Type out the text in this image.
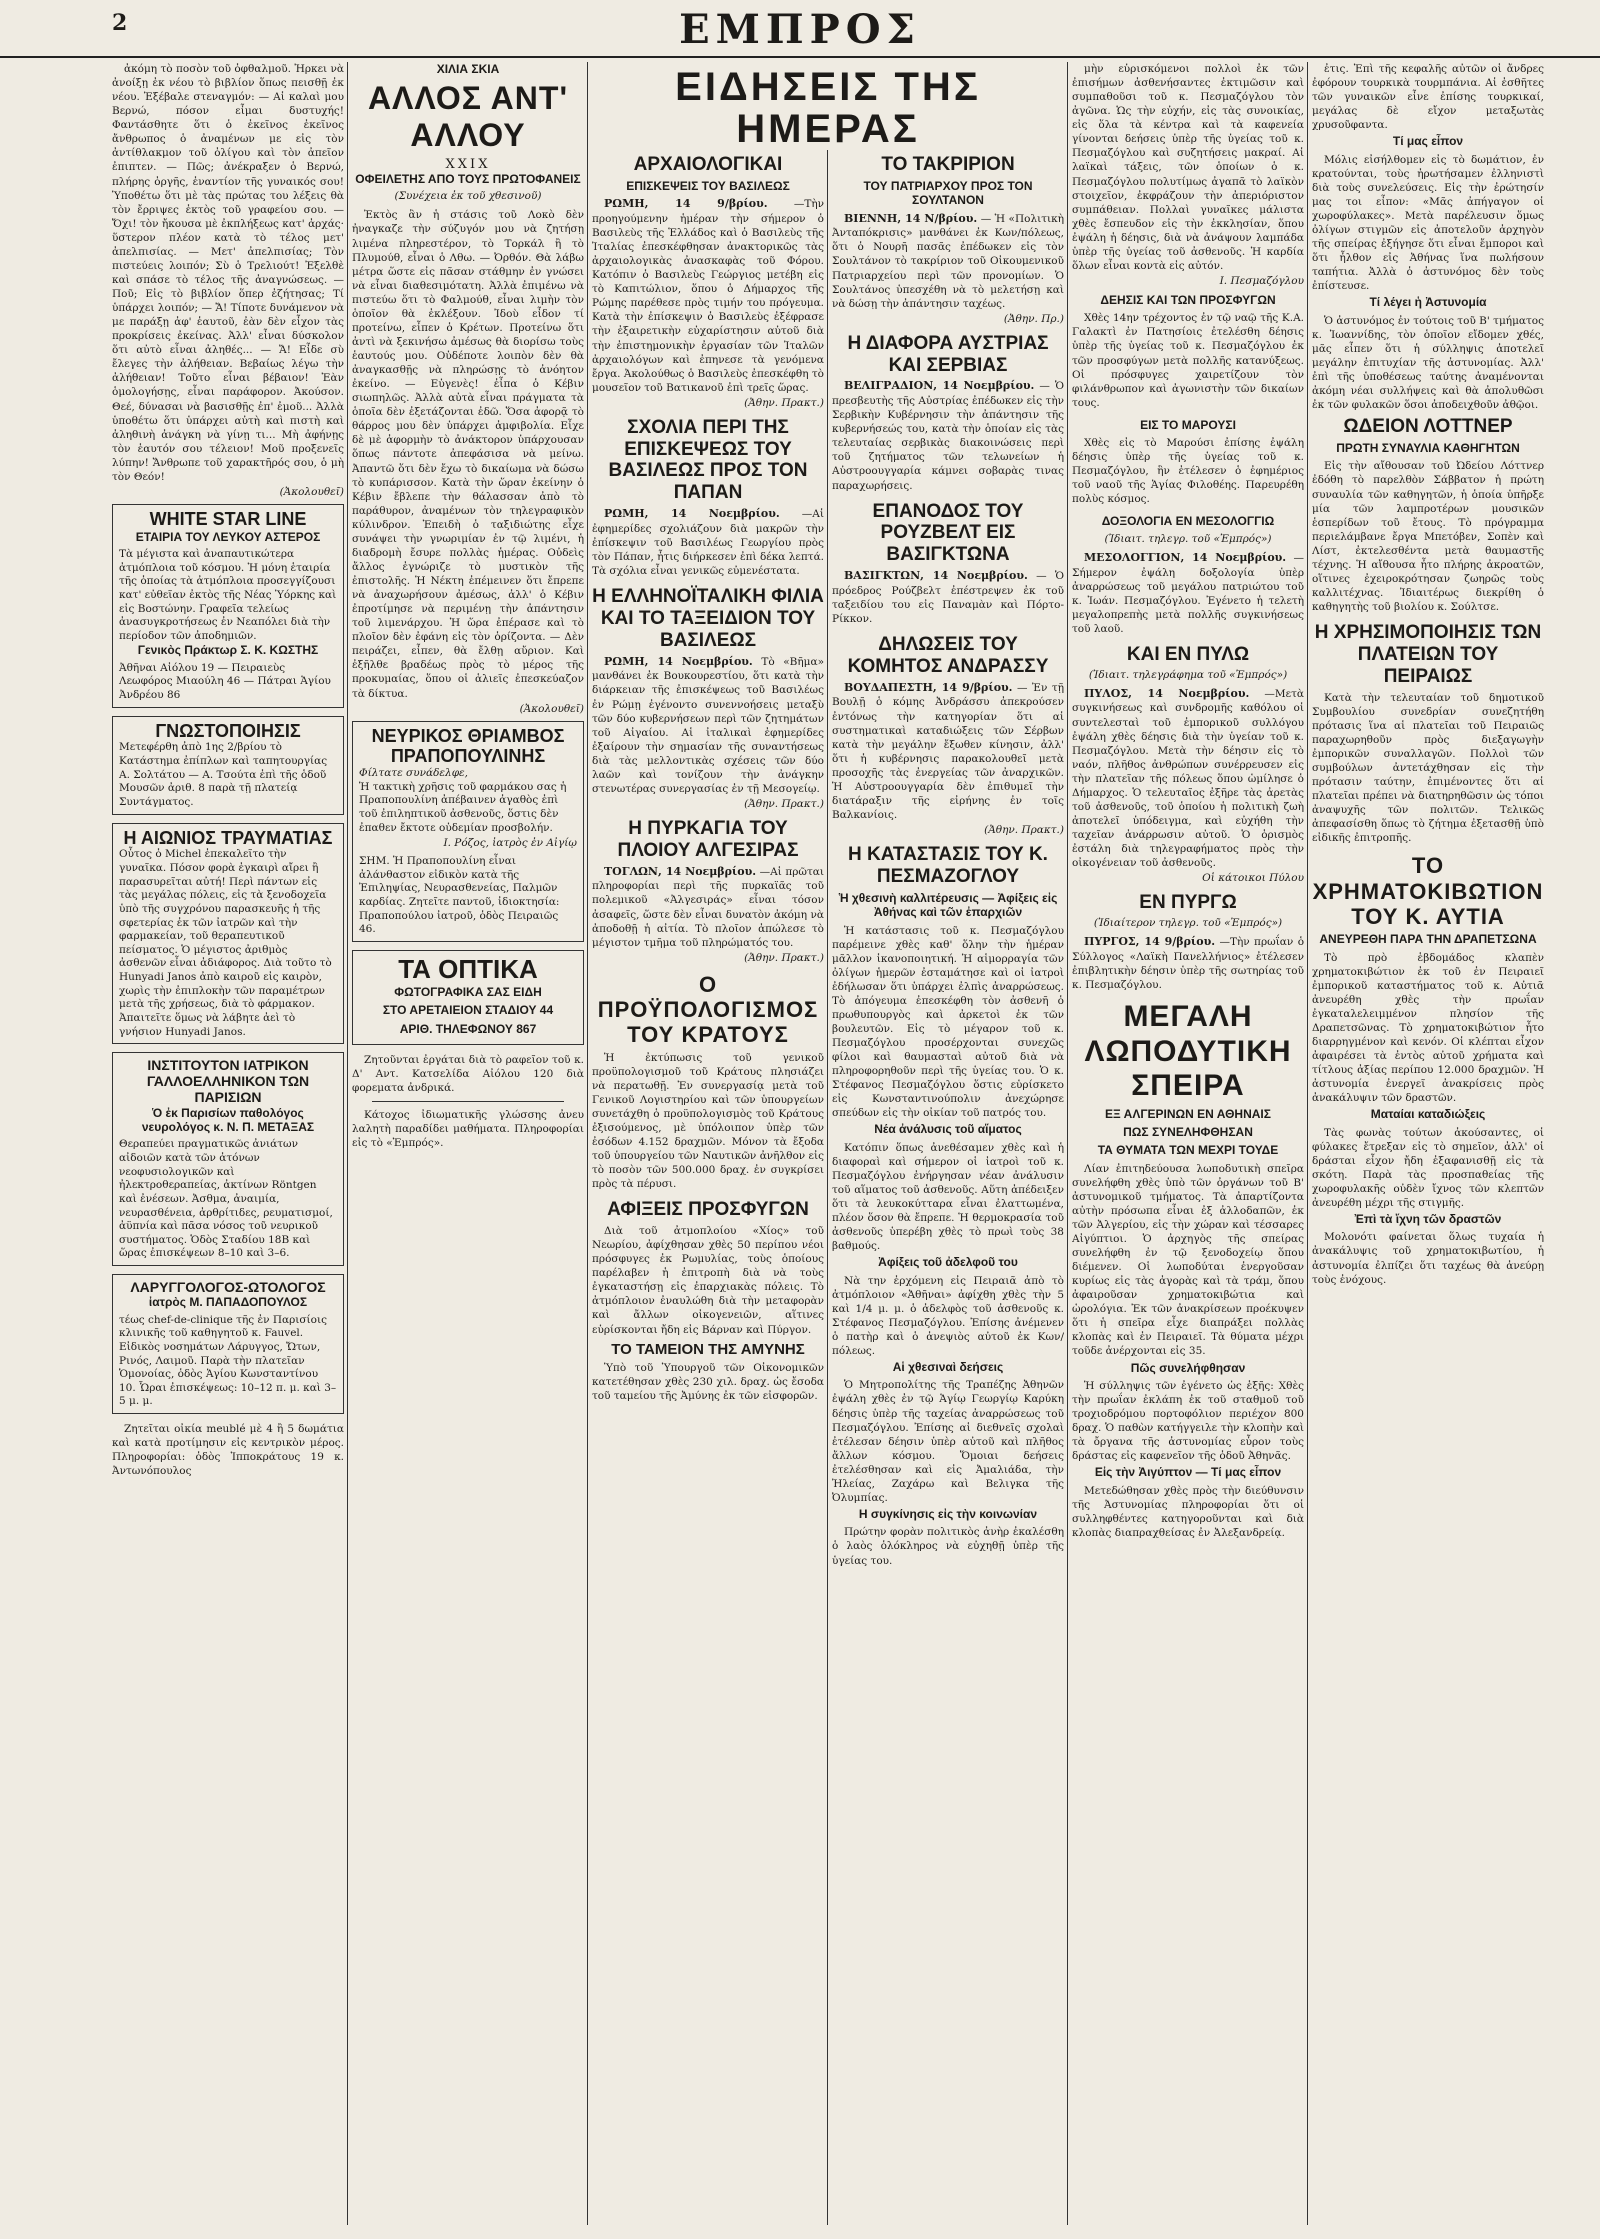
2	ΕΜΠΡΟΣ

ἀκόμη τὸ ποσὸν τοῦ ὀφθαλμοῦ. Ἠρκει νὰ ἀνοίξῃ ἐκ νέου τὸ βιβλίον ὅπως πεισθῇ ἐκ νέου. Ἐξέβαλε στεναγμόν: — Αἱ καλαὶ μου Βερνώ, πόσον εἶμαι δυστυχής! Φαντάσθητε ὅτι ὁ ἐκεῖνος ἐκεῖνος ἄνθρωπος ὁ ἀναμένων με εἰς τὸν ἀντίθλακμον τοῦ ὀλίγου καὶ τὸν ἀπεῖον ἐπιπτεν. — Πῶς; ἀνέκραξεν ὁ Βερνώ, πλήρης ὀργῆς, ἐναντίον τῆς γυναικός σου! Ὑποθέτω ὅτι μὲ τὰς πρώτας του λέξεις θὰ τὸν ἔρριψες ἐκτὸς τοῦ γραφείου σου. — Ὄχι! τὸν ἤκουσα μὲ ἐκπλήξεως κατ' ἀρχάς· ὕστερον πλέον κατὰ τὸ τέλος μετ' ἀπελπισίας. — Μετ' ἀπελπισίας; Τὸν πιστεύεις λοιπόν; Σὺ ὁ Τρελιούτ! Ἐξελθὲ καὶ σπάσε τὸ τέλος τῆς ἀναγνώσεως. — Ποῦ; Εἰς τὸ βιβλίον ὅπερ ἐζήτησας; Τί ὑπάρχει λοιπόν; — Ἄ! Τίποτε δυνάμενον νὰ με παράξῃ ἀφ' ἑαυτοῦ, ἐὰν δὲν εἶχον τὰς προκρίσεις ἐκείνας. Ἀλλ' εἶναι δύσκολον ὅτι αὐτὸ εἶναι ἀληθές... — Ἄ! Εἶδε σὺ ἔλεγες τὴν ἀλήθειαν. Βεβαίως λέγω τὴν ἀλήθειαν! Τοῦτο εἶναι βέβαιον! Ἐὰν ὁμολογήσῃς, εἶναι παράφορον. Ἀκούσον. Θεέ, δύνασαι νὰ βασισθῇς ἐπ' ἐμοῦ... Ἀλλὰ ὑποθέτω ὅτι ὑπάρχει αὐτὴ καὶ πιστὴ καὶ ἀληθινὴ ἀνάγκη νὰ γίνῃ τι... Μὴ ἀφήνῃς τὸν ἑαυτόν σου τέλειον! Μοῦ προξενεῖς λύπην! Ἄνθρωπε τοῦ χαρακτῆρός σου, ὁ μὴ τὸν Θεόν!

(Ἀκολουθεῖ)
WHITE STAR LINE
ΕΤΑΙΡΙΑ ΤΟΥ ΛΕΥΚΟΥ ΑΣΤΕΡΟΣ
Τὰ μέγιστα καὶ ἀναπαυτικώτερα ἀτμόπλοια τοῦ κόσμου. Ἡ μόνη ἑταιρία τῆς ὁποίας τὰ ἀτμόπλοια προσεγγίζουσι κατ' εὐθεῖαν ἐκτὸς τῆς Νέας Ὑόρκης καὶ εἰς Βοστώνην. Γραφεῖα τελείως ἀνασυγκροτήσεως ἐν Νεαπόλει διὰ τὴν περίοδον τῶν ἀποδημιῶν.
Γενικὸς Πράκτωρ Σ. Κ. ΚΩΣΤΗΣ
Ἀθῆναι Αἰόλου 19 — Πειραιεὺς Λεωφόρος Μιαούλη 46 — Πάτραι Ἁγίου Ἀνδρέου 86
ΓΝΩΣΤΟΠΟΙΗΣΙΣ
Μετεφέρθη ἀπὸ 1ης 2/βρίου τὸ Κατάστημα ἐπίπλων καὶ ταπητουργίας Α. Σολτάτου — Α. Τσούτα ἐπὶ τῆς ὁδοῦ Μουσῶν ἀριθ. 8 παρὰ τῇ πλατείᾳ Συντάγματος.
Η ΑΙΩΝΙΟΣ ΤΡΑΥΜΑΤΙΑΣ
Οὗτος ὁ Michel ἐπεκαλεῖτο τὴν γυναῖκα. Πόσον φορὰ ἐγκαιρὶ αἴρει ἢ παρασυρεῖται αὐτή! Περὶ πάντων εἰς τὰς μεγάλας πόλεις, εἰς τὰ ξενοδοχεῖα ὑπὸ τῆς συγχρόνου παρασκευῆς ἡ τῆς σφετερίας ἐκ τῶν ἰατρῶν καὶ τὴν φαρμακείαν, τοῦ θεραπευτικοῦ πείσματος. Ὁ μέγιστος ἀριθμὸς ἀσθενῶν εἶναι ἀδιάφορος. Διὰ τοῦτο τὸ Hunyadi Janos ἀπὸ καιροῦ εἰς καιρὸν, χωρὶς τὴν ἐπιπλοκὴν τῶν παραμέτρων μετὰ τῆς χρήσεως, διὰ τὸ φάρμακον. Ἀπαιτεῖτε ὅμως νὰ λάβητε ἀεὶ τὸ γνήσιον Hunyadi Janos.
ΙΝΣΤΙΤΟΥΤΟΝ ΙΑΤΡΙΚΟΝ ΓΑΛΛΟΕΛΛΗΝΙΚΟΝ ΤΩΝ ΠΑΡΙΣΙΩΝ
Ὁ ἐκ Παρισίων παθολόγος νευρολόγος κ. Ν. Π. ΜΕΤΑΞΑΣ
Θεραπεύει πραγματικῶς ἀνιάτων αἰδοιῶν κατὰ τῶν ἀτόνων νεοφυσιολογικῶν καὶ ἠλεκτροθεραπείας, ἀκτίνων Röntgen καὶ ἐνέσεων. Ἀσθμα, ἀναιμία, νευρασθένεια, ἀρθρίτιδες, ρευματισμοί, ἀϋπνία καὶ πᾶσα νόσος τοῦ νευρικοῦ συστήματος. Ὁδὸς Σταδίου 18Β καὶ ὥρας ἐπισκέψεων 8–10 καὶ 3–6.
ΛΑΡΥΓΓΟΛΟΓΟΣ-ΩΤΟΛΟΓΟΣ
ἰατρὸς Μ. ΠΑΠΑΔΟΠΟΥΛΟΣ
τέως chef-de-clinique τῆς ἐν Παρισίοις κλινικῆς τοῦ καθηγητοῦ κ. Fauvel. Εἰδικὸς νοσημάτων Λάρυγγος, Ὤτων, Ρινός, Λαιμοῦ. Παρὰ τὴν πλατεῖαν Ὁμονοίας, ὁδὸς Ἁγίου Κωνσταντίνου 10. Ὧραι ἐπισκέψεως: 10–12 π. μ. καὶ 3–5 μ. μ.

Ζητεῖται οἰκία meublé μὲ 4 ἢ 5 δωμάτια καὶ κατὰ προτίμησιν εἰς κεντρικὸν μέρος. Πληροφορίαι: ὁδὸς Ἱπποκράτους 19 κ. Ἀντωνόπουλος

ΧΙΛΙΑ ΣΚΙΑ
ΑΛΛΟΣ ΑΝΤ' ΑΛΛΟΥ
XXIX
ΟΦΕΙΛΕΤΗΣ ΑΠΟ ΤΟΥΣ ΠΡΩΤΟΦΑΝΕΙΣ
(Συνέχεια ἐκ τοῦ χθεσινοῦ)

Ἐκτὸς ἂν ἡ στάσις τοῦ Λοκὸ δὲν ἠναγκαζε τὴν σύζυγόν μου νὰ ζητήσῃ λιμένα πληρεστέρον, τὸ Τορκάλ ἢ τὸ Πλυμούθ, εἶναι ὁ Λθω. — Ὀρθόν. Θὰ λάβω μέτρα ὥστε εἰς πᾶσαν στάθμην ἐν γνώσει νὰ εἶναι διαθεσιμότατη. Ἀλλὰ ἐπιμένω νὰ πιστεύω ὅτι τὸ Φαλμούθ, εἶναι λιμὴν τὸν ὁποῖον θὰ ἐκλέξουν. Ἰδοὺ εἶδον τί προτείνω, εἶπεν ὁ Κρέτων. Προτείνω ὅτι ἀντὶ νὰ ξεκινήσω ἀμέσως θὰ διορίσω τοὺς ἑαυτούς μου. Οὐδέποτε λοιπὸν δὲν θὰ ἀναγκασθῇς νὰ πληρώσῃς τὸ ἀνόητον ἐκείνο. — Εὐγενὲς! ἐἶπα ὁ Κέβιν σιωπηλῶς. Ἀλλὰ αὐτὰ εἶναι πράγματα τὰ ὁποῖα δὲν ἐξετάζονται ἐδῶ. Ὅσα ἀφορᾷ τὸ θάρρος μου δὲν ὑπάρχει ἀμφιβολία. Εἶχε δὲ μὲ ἀφορμὴν τὸ ἀνάκτορον ὑπάρχουσαν ὅπως πάντοτε ἀπεφάσισα νὰ μείνω. Ἀπαντῶ ὅτι δὲν ἔχω τὸ δικαίωμα νὰ δώσω τὸ κυπάρισσον. Κατὰ τὴν ὥραν ἐκείνην ὁ Κέβιν ἔβλεπε τὴν θάλασσαν ἀπὸ τὸ παράθυρον, ἀναμένων τὸν τηλεγραφικὸν κύλινδρον. Ἐπειδὴ ὁ ταξιδιώτης εἶχε συνάψει τὴν γνωριμίαν ἐν τῷ λιμένι, ἡ διαδρομὴ ἔσυρε πολλὰς ἡμέρας. Οὐδεὶς ἄλλος ἐγνώριζε τὸ μυστικὸν τῆς ἐπιστολῆς. Ἡ Νέκτη ἐπέμεινεν ὅτι ἔπρεπε νὰ ἀναχωρήσουν ἀμέσως, ἀλλ' ὁ Κέβιν ἐπροτίμησε νὰ περιμένῃ τὴν ἀπάντησιν τοῦ λιμενάρχου. Ἡ ὥρα ἐπέρασε καὶ τὸ πλοῖον δὲν ἐφάνη εἰς τὸν ὁρίζοντα. — Δὲν πειράζει, εἶπεν, θὰ ἔλθῃ αὔριον. Καὶ ἐξῆλθε βραδέως πρὸς τὸ μέρος τῆς προκυμαίας, ὅπου οἱ ἁλιεῖς ἐπεσκεύαζον τὰ δίκτυα.

(Ἀκολουθεῖ)
ΝΕΥΡΙΚΟΣ ΘΡΙΑΜΒΟΣ ΠΡΑΠΟΠΟΥΛΙΝΗΣ
Φίλτατε συνάδελφε,
Ἡ τακτικὴ χρῆσις τοῦ φαρμάκου σας ἡ Πραποπουλίνη ἀπέβαινεν ἀγαθὸς ἐπὶ τοῦ ἐπιληπτικοῦ ἀσθενοῦς, ὅστις δὲν ἐπαθεν ἔκτοτε οὐδεμίαν προσβολήν.
Ι. Ρόζος, ἰατρὸς ἐν Αἰγίῳ
ΣΗΜ. Ἡ Πραποπουλίνη εἶναι ἀλάνθαστον εἰδικὸν κατὰ τῆς Ἐπιληψίας, Νευρασθενείας, Παλμῶν καρδίας. Ζητεῖτε παντοῦ, ἰδιοκτησία: Πραποπούλου ἰατροῦ, ὁδὸς Πειραιῶς 46.
ΤΑ ΟΠΤΙΚΑ
ΦΩΤΟΓΡΑΦΙΚΑ ΣΑΣ ΕΙΔΗ
ΣΤΟ ΑΡΕΤΑΙΕΙΟΝ ΣΤΑΔΙΟΥ 44
ΑΡΙΘ. ΤΗΛΕΦΩΝΟΥ 867

Ζητοῦνται ἐργάται διὰ τὸ ραφεῖον τοῦ κ. Δ' Αντ. Κατσελίδα Αἰόλου 120 διὰ φορεματα ἀνδρικά.

Κάτοχος ἰδιωματικῆς γλώσσης ἀνευ λαλητὴ παραδίδει μαθήματα. Πληροφορίαι εἰς τὸ «Ἐμπρός».

ΕΙΔΗΣΕΙΣ ΤΗΣ ΗΜΕΡΑΣ
ΑΡΧΑΙΟΛΟΓΙΚΑΙ
ΕΠΙΣΚΕΨΕΙΣ ΤΟΥ ΒΑΣΙΛΕΩΣ

ΡΩΜΗ, 14 9/βρίου. —Τὴν προηγούμενην ἡμέραν τὴν σήμερον ὁ Βασιλεὺς τῆς Ἑλλάδος καὶ ὁ Βασιλεὺς τῆς Ἰταλίας ἐπεσκέφθησαν ἀνακτορικῶς τὰς ἀρχαιολογικὰς ἀνασκαφὰς τοῦ Φόρου. Κατόπιν ὁ Βασιλεὺς Γεώργιος μετέβη εἰς τὸ Καπιτώλιον, ὅπου ὁ Δήμαρχος τῆς Ρώμης παρέθεσε πρὸς τιμήν του πρόγευμα. Κατὰ τὴν ἐπίσκεψιν ὁ Βασιλεὺς ἐξέφρασε τὴν ἐξαιρετικὴν εὐχαρίστησιν αὐτοῦ διὰ τὴν ἐπιστημονικὴν ἐργασίαν τῶν Ἰταλῶν ἀρχαιολόγων καὶ ἐπηνεσε τὰ γενόμενα ἔργα. Ἀκολούθως ὁ Βασιλεὺς ἐπεσκέφθη τὸ μουσεῖον τοῦ Βατικανοῦ ἐπὶ τρεῖς ὥρας.

(Ἀθην. Πρακτ.)
ΣΧΟΛΙΑ ΠΕΡΙ ΤΗΣ ΕΠΙΣΚΕΨΕΩΣ ΤΟΥ ΒΑΣΙΛΕΩΣ ΠΡΟΣ ΤΟΝ ΠΑΠΑΝ

ΡΩΜΗ, 14 Νοεμβρίου. —Αἱ ἐφημερίδες σχολιάζουν διὰ μακρῶν τὴν ἐπίσκεψιν τοῦ Βασιλέως Γεωργίου πρὸς τὸν Πάπαν, ἧτις διήρκεσεν ἐπὶ δέκα λεπτά. Τὰ σχόλια εἶναι γενικῶς εὐμενέστατα.

Η ΕΛΛΗΝΟΪΤΑΛΙΚΗ ΦΙΛΙΑ ΚΑΙ ΤΟ ΤΑΞΕΙΔΙΟΝ ΤΟΥ ΒΑΣΙΛΕΩΣ

ΡΩΜΗ, 14 Νοεμβρίου. Τὸ «Βῆμα» μανθάνει ἐκ Βουκουρεστίου, ὅτι κατὰ τὴν διάρκειαν τῆς ἐπισκέψεως τοῦ Βασιλέως ἐν Ρώμῃ ἐγένοντο συνεννοήσεις μεταξὺ τῶν δύο κυβερνήσεων περὶ τῶν ζητημάτων τοῦ Αἰγαίου. Αἱ ἰταλικαὶ ἐφημερίδες ἐξαίρουν τὴν σημασίαν τῆς συναντήσεως διὰ τὰς μελλοντικὰς σχέσεις τῶν δύο λαῶν καὶ τονίζουν τὴν ἀνάγκην στενωτέρας συνεργασίας ἐν τῇ Μεσογείῳ.

(Ἀθην. Πρακτ.)
Η ΠΥΡΚΑΓΙΑ ΤΟΥ ΠΛΟΙΟΥ ΑΛΓΕΣΙΡΑΣ

ΤΟΓΛΩΝ, 14 Νοεμβρίου. —Αἱ πρῶται πληροφορίαι περὶ τῆς πυρκαϊᾶς τοῦ πολεμικοῦ «Ἀλγεσιράς» εἶναι τόσον ἀσαφεῖς, ὥστε δὲν εἶναι δυνατὸν ἀκόμη νὰ ἀποδοθῇ ἡ αἰτία. Τὸ πλοῖον ἀπώλεσε τὸ μέγιστον τμῆμα τοῦ πληρώματός του.

(Ἀθην. Πρακτ.)
Ο ΠΡΟΫΠΟΛΟΓΙΣΜΟΣ ΤΟΥ ΚΡΑΤΟΥΣ

Ἡ ἐκτύπωσις τοῦ γενικοῦ προϋπολογισμοῦ τοῦ Κράτους πλησιάζει νὰ περατωθῇ. Ἐν συνεργασίᾳ μετὰ τοῦ Γενικοῦ Λογιστηρίου καὶ τῶν ὑπουργείων συνετάχθη ὁ προϋπολογισμὸς τοῦ Κράτους ἐξισούμενος, μὲ ὑπόλοιπον ὑπὲρ τῶν ἐσόδων 4.152 δραχμῶν. Μόνον τὰ ἔξοδα τοῦ ὑπουργείου τῶν Ναυτικῶν ἀνῆλθον εἰς τὸ ποσὸν τῶν 500.000 δραχ. ἐν συγκρίσει πρὸς τὰ πέρυσι.

ΑΦΙΞΕΙΣ ΠΡΟΣΦΥΓΩΝ

Διὰ τοῦ ἀτμοπλοίου «Χίος» τοῦ Νεωρίου, ἀφίχθησαν χθὲς 50 περίπου νέοι πρόσφυγες ἐκ Ρωμυλίας, τοὺς ὁποίους παρέλαβεν ἡ ἐπιτροπὴ διὰ νὰ τοὺς ἐγκαταστήσῃ εἰς ἐπαρχιακὰς πόλεις. Τὸ ἀτμόπλοιον ἐναυλώθη διὰ τὴν μεταφορὰν καὶ ἄλλων οἰκογενειῶν, αἵτινες εὑρίσκονται ἤδη εἰς Βάρναν καὶ Πύργον.

ΤΟ ΤΑΜΕΙΟΝ ΤΗΣ ΑΜΥΝΗΣ

Ὑπὸ τοῦ Ὑπουργοῦ τῶν Οἰκονομικῶν κατετέθησαν χθὲς 230 χιλ. δραχ. ὡς ἔσοδα τοῦ ταμείου τῆς Ἀμύνης ἐκ τῶν εἰσφορῶν.

ΤΟ ΤΑΚΡΙΡΙΟΝ
ΤΟΥ ΠΑΤΡΙΑΡΧΟΥ ΠΡΟΣ ΤΟΝ ΣΟΥΛΤΑΝΟΝ

ΒΙΕΝΝΗ, 14 Ν/βρίου. — Ἡ «Πολιτικὴ Ἀνταπόκρισις» μανθάνει ἐκ Κων/πόλεως, ὅτι ὁ Νουρῆ πασᾶς ἐπέδωκεν εἰς τὸν Σουλτάνον τὸ τακρίριον τοῦ Οἰκουμενικοῦ Πατριαρχείου περὶ τῶν προνομίων. Ὁ Σουλτάνος ὑπεσχέθη νὰ τὸ μελετήσῃ καὶ νὰ δώσῃ τὴν ἀπάντησιν ταχέως.

(Ἀθην. Πρ.)
Η ΔΙΑΦΟΡΑ ΑΥΣΤΡΙΑΣ ΚΑΙ ΣΕΡΒΙΑΣ

ΒΕΛΙΓΡΑΔΙΟΝ, 14 Νοεμβρίου. — Ὁ πρεσβευτὴς τῆς Αὐστρίας ἐπέδωκεν εἰς τὴν Σερβικὴν Κυβέρνησιν τὴν ἀπάντησιν τῆς κυβερνήσεώς του, κατὰ τὴν ὁποίαν εἰς τὰς τελευταίας σερβικὰς διακοινώσεις περὶ τοῦ ζητήματος τῶν τελωνείων ἡ Αὐστροουγγαρία κάμνει σοβαρὰς τινας παραχωρήσεις.

ΕΠΑΝΟΔΟΣ ΤΟΥ ΡΟΥΖΒΕΛΤ ΕΙΣ ΒΑΣΙΓΚΤΩΝΑ

ΒΑΣΙΓΚΤΩΝ, 14 Νοεμβρίου. — Ὁ πρόεδρος Ρούζβελτ ἐπέστρεψεν ἐκ τοῦ ταξειδίου του εἰς Παναμὰν καὶ Πόρτο-Ρίκκον.

ΔΗΛΩΣΕΙΣ ΤΟΥ ΚΟΜΗΤΟΣ ΑΝΔΡΑΣΣΥ

ΒΟΥΔΑΠΕΣΤΗ, 14 9/βρίου. — Ἐν τῇ Βουλῇ ὁ κόμης Ἀνδράσσυ ἀπεκρούσεν ἐντόνως τὴν κατηγορίαν ὅτι αἱ συστηματικαὶ καταδιώξεις τῶν Σέρβων κατὰ τὴν μεγάλην ἔξωθεν κίνησιν, ἀλλ' ὅτι ἡ κυβέρνησις παρακολουθεῖ μετὰ προσοχῆς τὰς ἐνεργείας τῶν ἀναρχικῶν. Ἡ Αὐστροουγγαρία δὲν ἐπιθυμεῖ τὴν διατάραξιν τῆς εἰρήνης ἐν τοῖς Βαλκανίοις.

(Ἀθην. Πρακτ.)
Η ΚΑΤΑΣΤΑΣΙΣ ΤΟΥ Κ. ΠΕΣΜΑΖΟΓΛΟΥ
Ἡ χθεσινὴ καλλιτέρευσις — Ἀφίξεις εἰς Ἀθήνας καὶ τῶν ἐπαρχιῶν

Ἡ κατάστασις τοῦ κ. Πεσμαζόγλου παρέμεινε χθὲς καθ' ὅλην τὴν ἡμέραν μᾶλλον ἱκανοποιητική. Ἡ αἱμορραγία τῶν ὀλίγων ἡμερῶν ἐσταμάτησε καὶ οἱ ἰατροὶ ἐδήλωσαν ὅτι ὑπάρχει ἐλπὶς ἀναρρώσεως. Τὸ ἀπόγευμα ἐπεσκέφθη τὸν ἀσθενῆ ὁ πρωθυπουργὸς καὶ ἀρκετοὶ ἐκ τῶν βουλευτῶν. Εἰς τὸ μέγαρον τοῦ κ. Πεσμαζόγλου προσέρχονται συνεχῶς φίλοι καὶ θαυμασταὶ αὐτοῦ διὰ νὰ πληροφορηθοῦν περὶ τῆς ὑγείας του. Ὁ κ. Στέφανος Πεσμαζόγλου ὅστις εὑρίσκετο εἰς Κωνσταντινούπολιν ἀνεχώρησε σπεύδων εἰς τὴν οἰκίαν τοῦ πατρός του.

Νέα ἀνάλυσις τοῦ αἵματος

Κατόπιν ὅπως ἀνεθέσαμεν χθὲς καὶ ἡ διαφοραὶ καὶ σήμερον οἱ ἰατροὶ τοῦ κ. Πεσμαζόγλου ἐνήργησαν νέαν ἀνάλυσιν τοῦ αἵματος τοῦ ἀσθενοῦς. Αὕτη ἀπέδειξεν ὅτι τὰ λευκοκύτταρα εἶναι ἐλαττωμένα, πλέον ὅσον θὰ ἔπρεπε. Ἡ θερμοκρασία τοῦ ἀσθενοῦς ὑπερέβη χθὲς τὸ πρωὶ τοὺς 38 βαθμούς.

Ἀφίξεις τοῦ ἀδελφοῦ του

Νὰ την ἐρχόμενη εἰς Πειραιᾶ ἀπὸ τὸ ἀτμόπλοιον «Ἀθῆναι» ἀφίχθη χθὲς τὴν 5 καὶ 1/4 μ. μ. ὁ ἀδελφὸς τοῦ ἀσθενοῦς κ. Στέφανος Πεσμαζόγλου. Ἐπίσης ἀνέμενεν ὁ πατὴρ καὶ ὁ ἀνεψιὸς αὐτοῦ ἐκ Κων/πόλεως.

Αἱ χθεσιναὶ δεήσεις

Ὁ Μητροπολίτης τῆς Τραπέζης Ἀθηνῶν ἐψάλη χθὲς ἐν τῷ Ἁγίῳ Γεωργίῳ Καρύκη δέησις ὑπὲρ τῆς ταχείας ἀναρρώσεως τοῦ Πεσμαζόγλου. Ἐπίσης αἱ διεθνεῖς σχολαὶ ἐτέλεσαν δέησιν ὑπὲρ αὐτοῦ καὶ πλῆθος ἄλλων κόσμου. Ὅμοιαι δεήσεις ἐτελέσθησαν καὶ εἰς Ἀμαλιάδα, τὴν Ἠλείας, Ζαχάρω καὶ Βελιγκα τῆς Ὀλυμπίας.

Η συγκίνησις εἰς τὴν κοινωνίαν

Πρώτην φορὰν πολιτικὸς ἀνὴρ ἐκαλέσθη ὁ λαὸς ὁλόκληρος νὰ εὐχηθῇ ὑπὲρ τῆς ὑγείας του.

μὴν εὑρισκόμενοι πολλοὶ ἐκ τῶν ἐπισήμων ἀσθενήσαντες ἐκτιμῶσιν καὶ συμπαθοῦσι τοῦ κ. Πεσμαζόγλου τὸν ἀγῶνα. Ὡς τὴν εὐχήν, εἰς τὰς συνοικίας, εἰς ὅλα τὰ κέντρα καὶ τὰ καφενεία γίνονται δεήσεις ὑπὲρ τῆς ὑγείας τοῦ κ. Πεσμαζόγλου καὶ συζητήσεις μακραί. Αἱ λαϊκαὶ τάξεις, τῶν ὁποίων ὁ κ. Πεσμαζόγλου πολυτίμως ἀγαπᾶ τὸ λαϊκὸν στοιχεῖον, ἐκφράζουν τὴν ἀπεριόριστον συμπάθειαν. Πολλαὶ γυναῖκες μάλιστα χθὲς ἔσπευδον εἰς τὴν ἐκκλησίαν, ὅπου ἐψάλη ἡ δέησις, διὰ νὰ ἀνάψουν λαμπάδα ὑπὲρ τῆς ὑγείας τοῦ ἀσθενοῦς. Ἡ καρδία ὅλων εἶναι κοντὰ εἰς αὐτόν.

Ι. Πεσμαζόγλου
ΔΕΗΣΙΣ ΚΑΙ ΤΩΝ ΠΡΟΣΦΥΓΩΝ

Χθὲς 14ην τρέχοντος ἐν τῷ ναῷ τῆς Κ.Α. Γαλακτὶ ἐν Πατησίοις ἐτελέσθη δέησις ὑπὲρ τῆς ὑγείας τοῦ κ. Πεσμαζόγλου ἐκ τῶν προσφύγων μετὰ πολλῆς κατανύξεως. Οἱ πρόσφυγες χαιρετίζουν τὸν φιλάνθρωπον καὶ ἀγωνιστὴν τῶν δικαίων τους.

ΕΙΣ ΤΟ ΜΑΡΟΥΣΙ

Χθὲς εἰς τὸ Μαρούσι ἐπίσης ἐψάλη δέησις ὑπὲρ τῆς ὑγείας τοῦ κ. Πεσμαζόγλου, ἣν ἐτέλεσεν ὁ ἐφημέριος τοῦ ναοῦ τῆς Ἁγίας Φιλοθέης. Παρευρέθη πολὺς κόσμος.

ΔΟΞΟΛΟΓΙΑ ΕΝ ΜΕΣΟΛΟΓΓΙΩ
(Ἰδιαιτ. τηλεγρ. τοῦ «Ἐμπρός»)

ΜΕΣΟΛΟΓΓΙΟΝ, 14 Νοεμβρίου. —Σήμερον ἐψάλη δοξολογία ὑπὲρ ἀναρρώσεως τοῦ μεγάλου πατριώτου τοῦ κ. Ἰωάν. Πεσμαζόγλου. Ἐγένετο ἡ τελετὴ μεγαλοπρεπὴς μετὰ πολλῆς συγκινήσεως τοῦ λαοῦ.

ΚΑΙ ΕΝ ΠΥΛΩ
(Ἰδιαιτ. τηλεγράφημα τοῦ «Ἐμπρός»)

ΠΥΛΟΣ, 14 Νοεμβρίου. —Μετὰ συγκινήσεως καὶ συνδρομῆς καθόλου οἱ συντελεσταὶ τοῦ ἐμπορικοῦ συλλόγου ἐψάλη χθὲς δέησις διὰ τὴν ὑγείαν τοῦ κ. Πεσμαζόγλου. Μετὰ τὴν δέησιν εἰς τὸ ναόν, πλῆθος ἀνθρώπων συνέρρευσεν εἰς τὴν πλατεῖαν τῆς πόλεως ὅπου ὡμίλησε ὁ Δήμαρχος. Ὁ τελευταῖος ἐξῆρε τὰς ἀρετὰς τοῦ ἀσθενοῦς, τοῦ ὁποίου ἡ πολιτικὴ ζωὴ ἀποτελεῖ ὑπόδειγμα, καὶ εὐχήθη τὴν ταχεῖαν ἀνάρρωσιν αὐτοῦ. Ὁ ὁρισμὸς ἐστάλη διὰ τηλεγραφήματος πρὸς τὴν οἰκογένειαν τοῦ ἀσθενοῦς.

Οἱ κάτοικοι Πύλου
ΕΝ ΠΥΡΓΩ
(Ἰδιαίτερον τηλεγρ. τοῦ «Ἐμπρός»)

ΠΥΡΓΟΣ, 14 9/βρίου. —Τὴν πρωΐαν ὁ Σύλλογος «Λαϊκὴ Πανελλήνιος» ἐτέλεσεν ἐπιβλητικὴν δέησιν ὑπὲρ τῆς σωτηρίας τοῦ κ. Πεσμαζόγλου.

ΜΕΓΑΛΗ ΛΩΠΟΔΥΤΙΚΗ ΣΠΕΙΡΑ
ΕΞ ΑΛΓΕΡΙΝΩΝ ΕΝ ΑΘΗΝΑΙΣ
ΠΩΣ ΣΥΝΕΛΗΦΘΗΣΑΝ
ΤΑ ΘΥΜΑΤΑ ΤΩΝ ΜΕΧΡΙ ΤΟΥΔΕ

Λίαν ἐπιτηδεύουσα λωποδυτικὴ σπεῖρα συνελήφθη χθὲς ὑπὸ τῶν ὀργάνων τοῦ Β' ἀστυνομικοῦ τμήματος. Τὰ ἀπαρτίζοντα αὐτὴν πρόσωπα εἶναι ἐξ ἀλλοδαπῶν, ἐκ τῶν Ἀλγερίου, εἰς τὴν χώραν καὶ τέσσαρες Αἰγύπτιοι. Ὁ ἀρχηγὸς τῆς σπείρας συνελήφθη ἐν τῷ ξενοδοχείῳ ὅπου διέμενεν. Οἱ λωποδύται ἐνεργοῦσαν κυρίως εἰς τὰς ἀγορὰς καὶ τὰ τράμ, ὅπου ἀφαιροῦσαν χρηματοκιβώτια καὶ ὡρολόγια. Ἐκ τῶν ἀνακρίσεων προέκυψεν ὅτι ἡ σπεῖρα εἶχε διαπράξει πολλὰς κλοπὰς καὶ ἐν Πειραιεῖ. Τὰ θύματα μέχρι τοῦδε ἀνέρχονται εἰς 35.

Πῶς συνελήφθησαν

Ἡ σύλληψις τῶν ἐγένετο ὡς ἑξῆς: Χθὲς τὴν πρωΐαν ἐκλάπη ἐκ τοῦ σταθμοῦ τοῦ τροχιοδρόμου πορτοφόλιον περιέχον 800 δραχ. Ὁ παθὼν κατήγγειλε τὴν κλοπὴν καὶ τὰ ὄργανα τῆς ἀστυνομίας εὗρον τοὺς δράστας εἰς καφενεῖον τῆς ὁδοῦ Ἀθηνᾶς.

Εἰς τὴν Ἀιγύπτον — Τί μας εἶπον

Μετεδώθησαν χθὲς πρὸς τὴν διεύθυνσιν τῆς Ἀστυνομίας πληροφορίαι ὅτι οἱ συλληφθέντες κατηγοροῦνται καὶ διὰ κλοπὰς διαπραχθείσας ἐν Ἀλεξανδρείᾳ.

ἐτις. Ἐπὶ τῆς κεφαλῆς αὐτῶν οἱ ἄνδρες ἐφόρουν τουρκικὰ τουρμπάνια. Αἱ ἐσθῆτες τῶν γυναικῶν εἶνε ἐπίσης τουρκικαί, μεγάλας δὲ εἴχον μεταξωτὰς χρυσοῦφαντα.

Τί μας εἶπον

Μόλις εἰσήλθομεν εἰς τὸ δωμάτιον, ἐν κρατούνται, τοὺς ἠρωτήσαμεν ἐλληνιστὶ διὰ τοὺς συνελεύσεις. Εἰς τὴν ἐρώτησίν μας τοι εἶπον: «Μᾶς ἀπήγαγον οἱ χωροφύλακες». Μετὰ παρέλευσιν ὅμως ὀλίγων στιγμῶν εἰς ἀποτελοῦν ἀρχηγὸν τῆς σπείρας ἐξήγησε ὅτι εἶναι ἔμποροι καὶ ὅτι ἦλθον εἰς Ἀθήνας ἵνα πωλήσουν ταπήτια. Ἀλλὰ ὁ ἀστυνόμος δὲν τοὺς ἐπίστευσε.

Τί λέγει ἡ Ἀστυνομία

Ὁ ἀστυνόμος ἐν τούτοις τοῦ Β' τμήματος κ. Ἰωαννίδης, τὸν ὁποῖον εἴδομεν χθές, μᾶς εἶπεν ὅτι ἡ σύλληψις ἀποτελεῖ μεγάλην ἐπιτυχίαν τῆς ἀστυνομίας. Ἀλλ' ἐπὶ τῆς ὑποθέσεως ταύτης ἀναμένονται ἀκόμη νέαι συλλήψεις καὶ θὰ ἀπολυθῶσι ἐκ τῶν φυλακῶν ὅσοι ἀποδειχθοῦν ἀθῷοι.

ΩΔΕΙΟΝ ΛΟΤΤΝΕΡ
ΠΡΩΤΗ ΣΥΝΑΥΛΙΑ ΚΑΘΗΓΗΤΩΝ

Εἰς τὴν αἴθουσαν τοῦ Ὠδείου Λόττνερ ἐδόθη τὸ παρελθὸν Σάββατον ἡ πρώτη συναυλία τῶν καθηγητῶν, ἡ ὁποία ὑπῆρξε μία τῶν λαμπροτέρων μουσικῶν ἑσπερίδων τοῦ ἔτους. Τὸ πρόγραμμα περιελάμβανε ἔργα Μπετόβεν, Σοπὲν καὶ Λίστ, ἐκτελεσθέντα μετὰ θαυμαστῆς τέχνης. Ἡ αἴθουσα ἦτο πλήρης ἀκροατῶν, οἵτινες ἐχειροκρότησαν ζωηρῶς τοὺς καλλιτέχνας. Ἰδιαιτέρως διεκρίθη ὁ καθηγητὴς τοῦ βιολίου κ. Σούλτσε.

Η ΧΡΗΣΙΜΟΠΟΙΗΣΙΣ ΤΩΝ ΠΛΑΤΕΙΩΝ ΤΟΥ ΠΕΙΡΑΙΩΣ

Κατὰ τὴν τελευταίαν τοῦ δημοτικοῦ Συμβουλίου συνεδρίαν συνεζητήθη πρότασις ἵνα αἱ πλατεῖαι τοῦ Πειραιῶς παραχωρηθοῦν πρὸς διεξαγωγὴν ἐμπορικῶν συναλλαγῶν. Πολλοὶ τῶν συμβούλων ἀντετάχθησαν εἰς τὴν πρότασιν ταύτην, ἐπιμένοντες ὅτι αἱ πλατεῖαι πρέπει νὰ διατηρηθῶσιν ὡς τόποι ἀναψυχῆς τῶν πολιτῶν. Τελικῶς ἀπεφασίσθη ὅπως τὸ ζήτημα ἐξετασθῇ ὑπὸ εἰδικῆς ἐπιτροπῆς.

ΤΟ ΧΡΗΜΑΤΟΚΙΒΩΤΙΟΝ ΤΟΥ Κ. ΑΥΤΙΑ
ΑΝΕΥΡΕΘΗ ΠΑΡΑ ΤΗΝ ΔΡΑΠΕΤΣΩΝΑ

Τὸ πρὸ ἑβδομάδος κλαπὲν χρηματοκιβώτιον ἐκ τοῦ ἐν Πειραιεῖ ἐμπορικοῦ καταστήματος τοῦ κ. Αὐτιᾶ ἀνευρέθη χθὲς τὴν πρωΐαν ἐγκαταλελειμμένον πλησίον τῆς Δραπετσῶνας. Τὸ χρηματοκιβώτιον ἦτο διαρρηγμένον καὶ κενόν. Οἱ κλέπται εἶχον ἀφαιρέσει τὰ ἐντὸς αὐτοῦ χρήματα καὶ τίτλους ἀξίας περίπου 12.000 δραχμῶν. Ἡ ἀστυνομία ἐνεργεῖ ἀνακρίσεις πρὸς ἀνακάλυψιν τῶν δραστῶν.

Ματαίαι καταδιώξεις

Τὰς φωνὰς τούτων ἀκούσαντες, οἱ φύλακες ἔτρεξαν εἰς τὸ σημεῖον, ἀλλ' οἱ δράσται εἶχον ἤδη ἐξαφανισθῇ εἰς τὰ σκότη. Παρὰ τὰς προσπαθείας τῆς χωροφυλακῆς οὐδὲν ἴχνος τῶν κλεπτῶν ἀνευρέθη μέχρι τῆς στιγμῆς.

Ἐπὶ τὰ ἴχνη τῶν δραστῶν

Μολονότι φαίνεται ὅλως τυχαία ἡ ἀνακάλυψις τοῦ χρηματοκιβωτίου, ἡ ἀστυνομία ἐλπίζει ὅτι ταχέως θὰ ἀνεύρῃ τοὺς ἐνόχους.
